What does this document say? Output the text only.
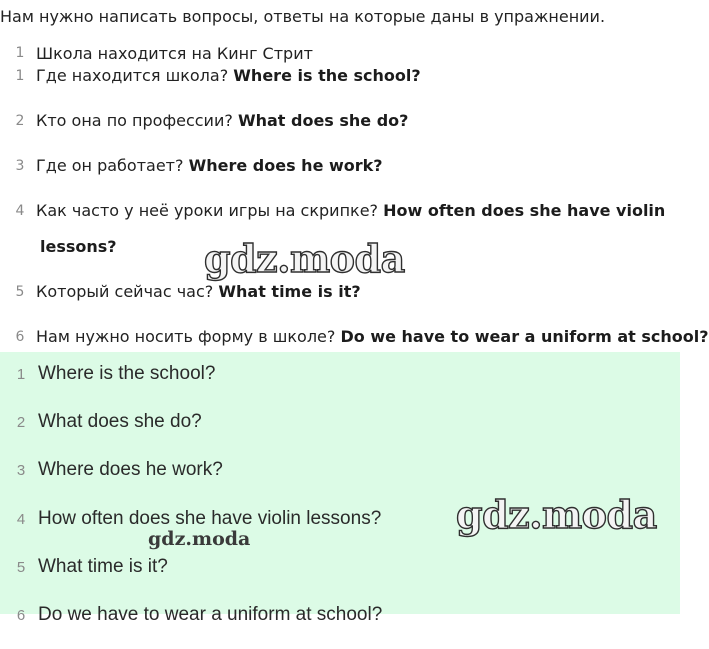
Нам нужно написать вопросы, ответы на которые даны в упражнении.
1 Школа находится на Кинг Стрит
1 Где находится школа? Where is the school?
2 Кто она по профессии? What does she do?
3 Где он работает? Where does he work?
4 Как часто у неё уроки игры на скрипке? How often does she have violin
lessons?
5 Который сейчас час? What time is it?
6 Нам нужно носить форму в школе? Do we have to wear a uniform at school?
gdz.moda
1 Where is the school?
2 What does she do?
3 Where does he work?
4 How often does she have violin lessons?
5 What time is it?
6 Do we have to wear a uniform at school?
gdz.moda
gdz.moda
